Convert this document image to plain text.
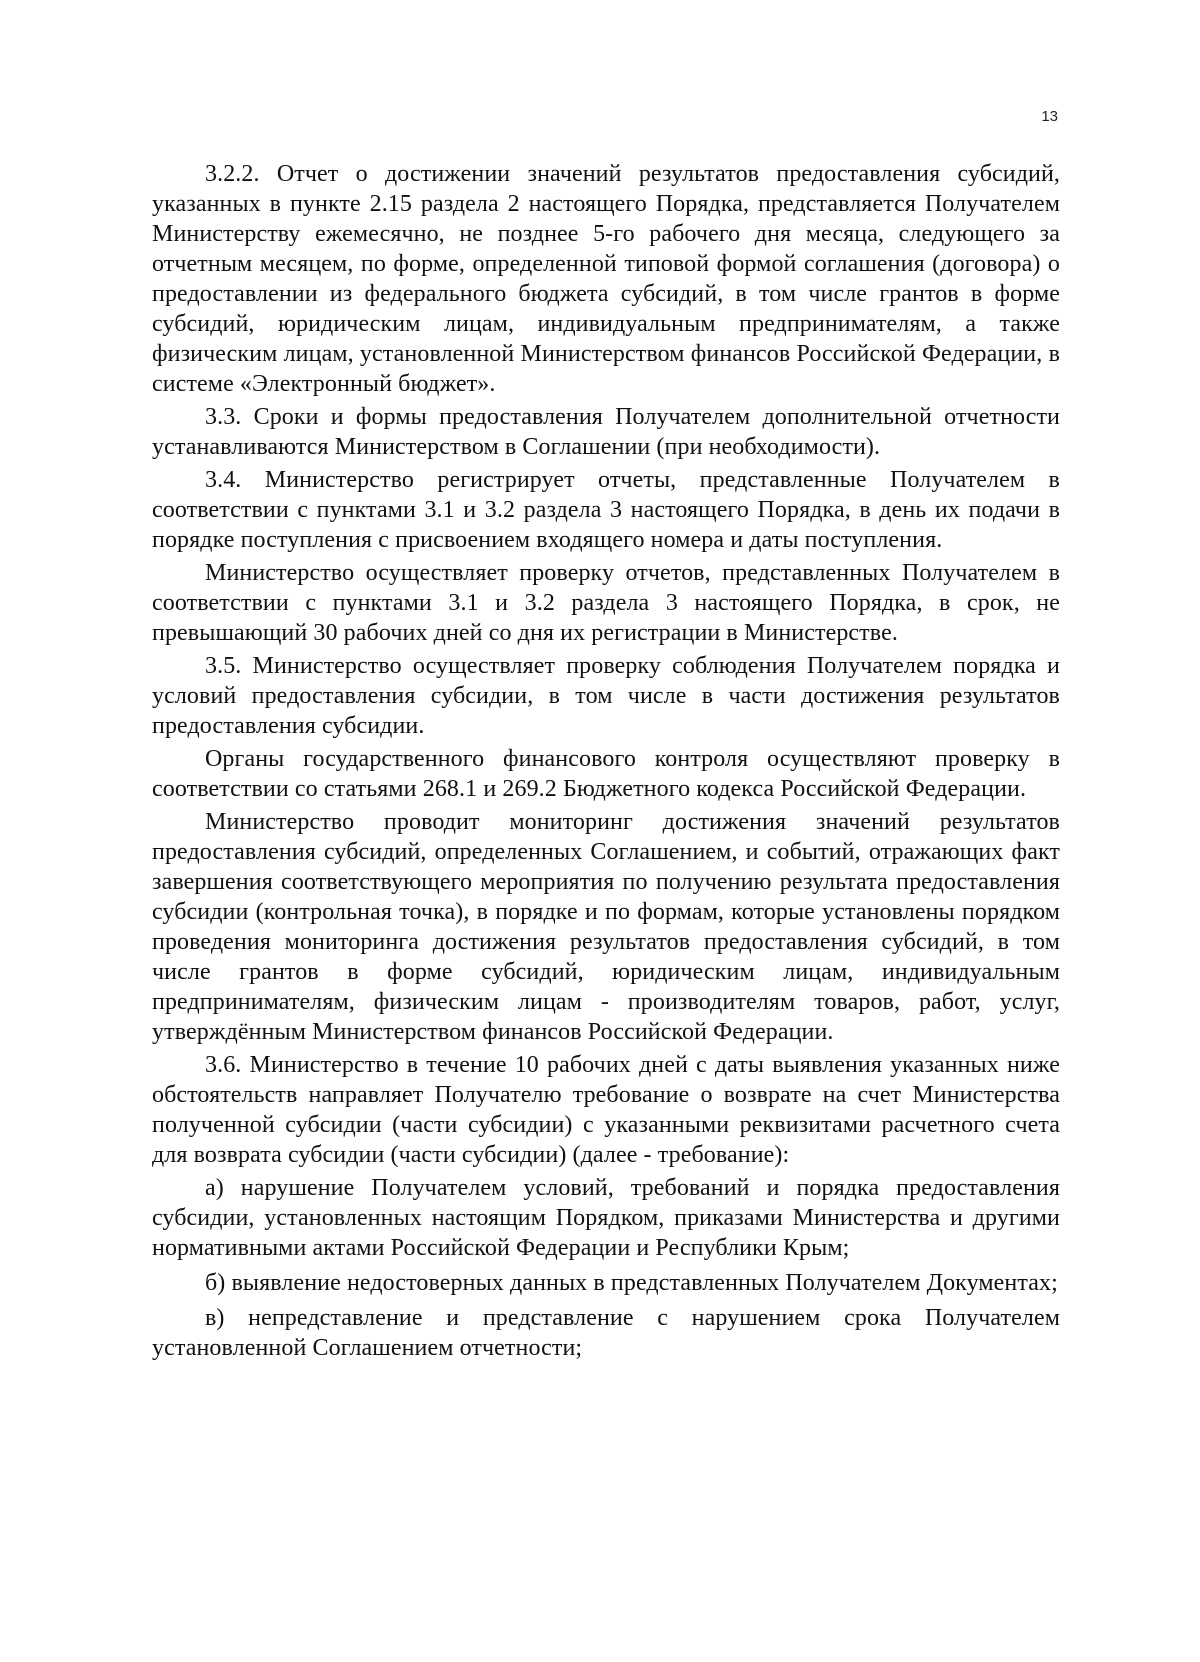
13

3.2.2. Отчет о достижении значений результатов предоставления субсидий, указанных в пункте 2.15 раздела 2 настоящего Порядка, представляется Получателем Министерству ежемесячно, не позднее 5-го рабочего дня месяца, следующего за отчетным месяцем, по форме, определенной типовой формой соглашения (договора) о предоставлении из федерального бюджета субсидий, в том числе грантов в форме субсидий, юридическим лицам, индивидуальным предпринимателям, а также физическим лицам, установленной Министерством финансов Российской Федерации, в системе «Электронный бюджет».

3.3. Сроки и формы предоставления Получателем дополнительной отчетности устанавливаются Министерством в Соглашении (при необходимости).

3.4. Министерство регистрирует отчеты, представленные Получателем в соответствии с пунктами 3.1 и 3.2 раздела 3 настоящего Порядка, в день их подачи в порядке поступления с присвоением входящего номера и даты поступления.

Министерство осуществляет проверку отчетов, представленных Получателем в соответствии с пунктами 3.1 и 3.2 раздела 3 настоящего Порядка, в срок, не превышающий 30 рабочих дней со дня их регистрации в Министерстве.

3.5. Министерство осуществляет проверку соблюдения Получателем порядка и условий предоставления субсидии, в том числе в части достижения результатов предоставления субсидии.

Органы государственного финансового контроля осуществляют проверку в соответствии со статьями 268.1 и 269.2 Бюджетного кодекса Российской Федерации.

Министерство проводит мониторинг достижения значений результатов предоставления субсидий, определенных Соглашением, и событий, отражающих факт завершения соответствующего мероприятия по получению результата предоставления субсидии (контрольная точка), в порядке и по формам, которые установлены порядком проведения мониторинга достижения результатов предоставления субсидий, в том числе грантов в форме субсидий, юридическим лицам, индивидуальным предпринимателям, физическим лицам - производителям товаров, работ, услуг, утверждённым Министерством финансов Российской Федерации.

3.6. Министерство в течение 10 рабочих дней с даты выявления указанных ниже обстоятельств направляет Получателю требование о возврате на счет Министерства полученной субсидии (части субсидии) с указанными реквизитами расчетного счета для возврата субсидии (части субсидии) (далее - требование):

а) нарушение Получателем условий, требований и порядка предоставления субсидии, установленных настоящим Порядком, приказами Министерства и другими нормативными актами Российской Федерации и Республики Крым;

б) выявление недостоверных данных в представленных Получателем Документах;

в) непредставление и представление с нарушением срока Получателем установленной Соглашением отчетности;
